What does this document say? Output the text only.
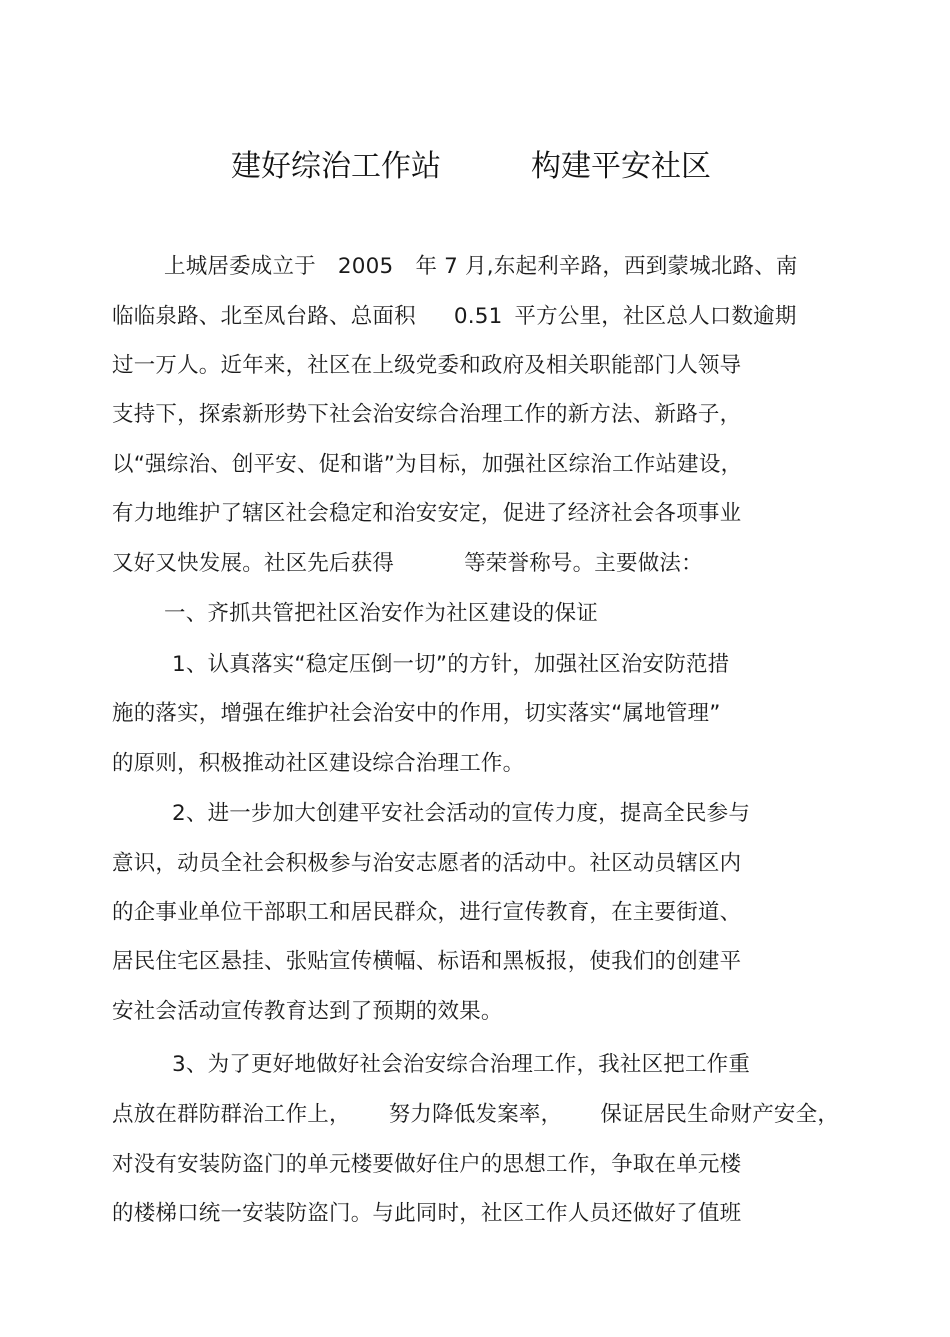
建好综治工作站	构建平安社区
上城居委成立于 2005 年 7 月,东起利辛路，西到蒙城北路、南
临临泉路、北至凤台路、总面积 0.51 平方公里，社区总人口数逾期
过一万人。近年来，社区在上级党委和政府及相关职能部门人领导
支持下，探索新形势下社会治安综合治理工作的新方法、新路子，
以“强综治、创平安、促和谐”为目标，加强社区综治工作站建设，
有力地维护了辖区社会稳定和治安安定，促进了经济社会各项事业
又好又快发展。社区先后获得	等荣誉称号。主要做法：
一、齐抓共管把社区治安作为社区建设的保证
1、认真落实“稳定压倒一切”的方针，加强社区治安防范措
施的落实，增强在维护社会治安中的作用，切实落实“属地管理”
的原则，积极推动社区建设综合治理工作。
2、进一步加大创建平安社会活动的宣传力度，提高全民参与
意识，动员全社会积极参与治安志愿者的活动中。社区动员辖区内
的企事业单位干部职工和居民群众，进行宣传教育，在主要街道、
居民住宅区悬挂、张贴宣传横幅、标语和黑板报，使我们的创建平
安社会活动宣传教育达到了预期的效果。
3、为了更好地做好社会治安综合治理工作，我社区把工作重
点放在群防群治工作上， 努力降低发案率， 保证居民生命财产安全，
对没有安装防盗门的单元楼要做好住户的思想工作，争取在单元楼
的楼梯口统一安装防盗门。与此同时，社区工作人员还做好了值班
